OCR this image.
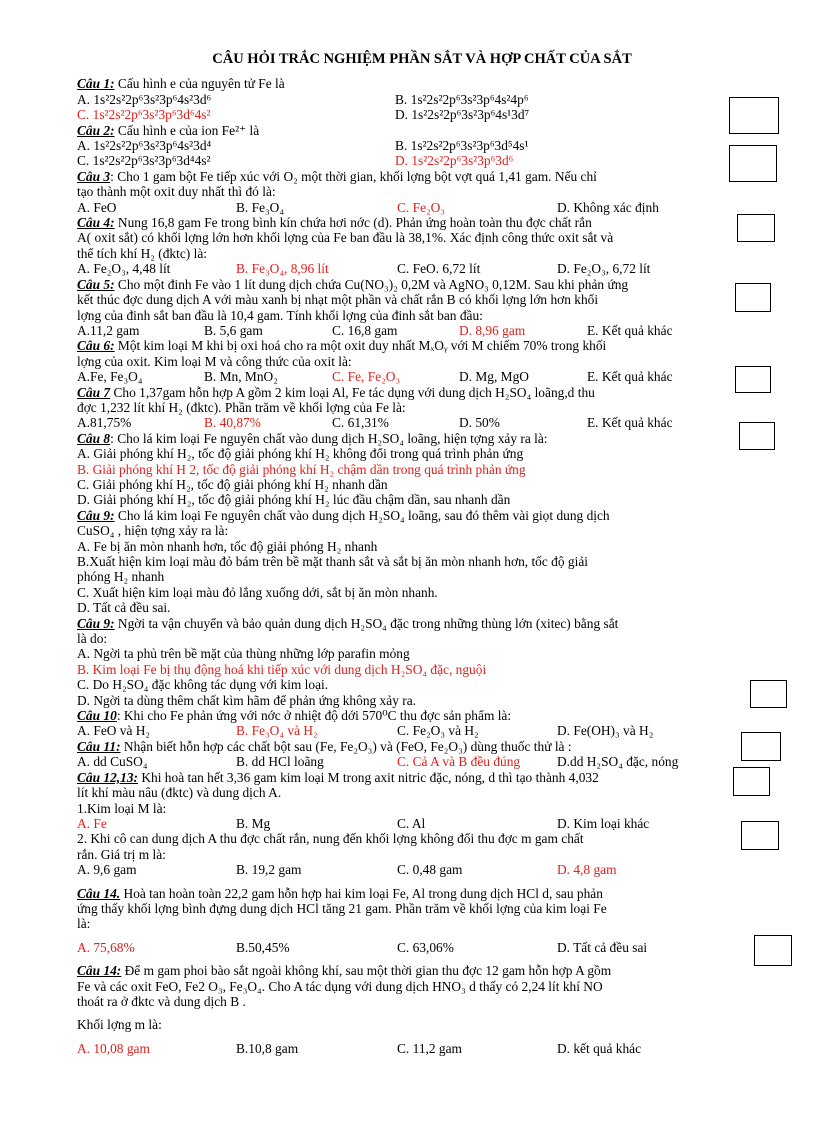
CÂU HỎI TRẮC NGHIỆM PHẦN SẮT VÀ HỢP CHẤT CỦA SẮT
Câu 1: Cấu hình e của nguyên tử Fe là
A. 1s²2s²2p⁶3s²3p⁶4s²3d⁶	B. 1s²2s²2p⁶3s²3p⁶4s²4p⁶
C. 1s²2s²2p⁶3s²3p⁶3d⁶4s²	D. 1s²2s²2p⁶3s²3p⁶4s¹3d⁷
Câu 2: Cấu hình e của ion Fe²⁺ là
A. 1s²2s²2p⁶3s²3p⁶4s²3d⁴	B. 1s²2s²2p⁶3s²3p⁶3d⁵4s¹
C. 1s²2s²2p⁶3s²3p⁶3d⁴4s²	D. 1s²2s²2p⁶3s²3p⁶3d⁶
Câu 3: Cho 1 gam bột Fe tiếp xúc với O₂ một thời gian, khối lợng bột vợt quá 1,41 gam. Nếu chỉ
tạo thành một oxit duy nhất thì đó là:
A. FeO	B. Fe₃O₄	C. Fe₂O₃	D. Không xác định
Câu 4: Nung 16,8 gam Fe trong bình kín chứa hơi nớc (d). Phản ứng hoàn toàn thu đợc chất rắn
A( oxit sắt) có khối lợng lớn hơn khối lợng của Fe ban đầu là 38,1%. Xác định công thức oxit sắt và
thể tích khí H₂ (đktc) là:
A. Fe₂O₃, 4,48 lít	B. Fe₃O₄, 8,96 lít	C. FeO. 6,72 lít	D. Fe₂O₃, 6,72 lít
Câu 5: Cho một đinh Fe vào 1 lít dung dịch chứa Cu(NO₃)₂ 0,2M và AgNO₃ 0,12M. Sau khi phản ứng
kết thúc đợc dung dịch A với màu xanh bị nhạt một phần và chất rắn B có khối lợng lớn hơn khối
lợng của đinh sắt ban đầu là 10,4 gam. Tính khối lợng của đinh sắt ban đầu:
A.11,2 gam	B. 5,6 gam	C. 16,8 gam	D. 8,96 gam	E. Kết quả khác
Câu 6: Một kim loại M khi bị oxi hoá cho ra một oxit duy nhất MₓOᵧ với M chiếm 70% trong khối
lợng của oxit. Kim loại M và công thức của oxit là:
A.Fe, Fe₃O₄	B. Mn, MnO₂	C. Fe, Fe₂O₃	D. Mg, MgO	E. Kết quả khác
Câu 7 Cho 1,37gam hỗn hợp A gồm 2 kim loại Al, Fe tác dụng với dung dịch H₂SO₄ loãng,d thu
đợc 1,232 lít khí H₂ (đktc). Phần trăm về khối lợng của Fe là:
A.81,75%	B. 40,87%	C. 61,31%	D. 50%	E. Kết quả khác
Câu 8: Cho lá kim loại Fe nguyên chất vào dung dịch H₂SO₄ loãng, hiện tợng xảy ra là:
A. Giải phóng khí H₂, tốc độ giải phóng khí H₂ không đổi trong quá trình phản ứng
B. Giải phóng khí H 2, tốc độ giải phóng khí H₂ chậm dần trong quá trình phản ứng
C. Giải phóng khí H₂, tốc độ giải phóng khí H₂ nhanh dần
D. Giải phóng khí H₂, tốc độ giải phóng khí H₂ lúc đầu chậm dần, sau nhanh dần
Câu 9: Cho lá kim loại Fe nguyên chất vào dung dịch H₂SO₄ loãng, sau đó thêm vài giọt dung dịch
CuSO₄ , hiện tợng xảy ra là:
A. Fe bị ăn mòn nhanh hơn, tốc độ giải phóng H₂ nhanh
B.Xuất hiện kim loại màu đỏ bám trên bề mặt thanh sắt và sắt bị ăn mòn nhanh hơn, tốc độ giải
phóng H₂ nhanh
C. Xuất hiện kim loại màu đỏ lắng xuống dới, sắt bị ăn mòn nhanh.
D. Tất cả đều sai.
Câu 9: Ngời ta vận chuyển và bảo quản dung dịch H₂SO₄ đặc trong những thùng lớn (xitec) bằng sắt
là do:
A. Ngời ta phủ trên bề mặt của thùng những lớp parafin mỏng
B. Kim loại Fe bị thụ động hoá khi tiếp xúc với dung dịch H₂SO₄ đặc, nguội
C. Do H₂SO₄ đặc không tác dụng với kim loại.
D. Ngời ta dùng thêm chất kìm hãm để phản ứng không xảy ra.
Câu 10: Khi cho Fe phản ứng với nớc ở nhiệt độ dới 570⁰C thu đợc sản phẩm là:
A. FeO và H₂	B. Fe₃O₄ và H₂	C. Fe₂O₃ và H₂	D. Fe(OH)₃ và H₂
Câu 11: Nhận biết hỗn hợp các chất bột sau (Fe, Fe₂O₃) và (FeO, Fe₂O₃) dùng thuốc thử là :
A. dd CuSO₄	B. dd HCl loãng	C. Cả A và B đều đúng	D.dd H₂SO₄ đặc, nóng
Câu 12,13: Khi hoà tan hết 3,36 gam kim loại M trong axit nitric đặc, nóng, d thì tạo thành 4,032
lít khí màu nâu (đktc) và dung dịch A.
1.Kim loại M là:
A. Fe	B. Mg	C. Al	D. Kim loại khác
2. Khi cô can dung dịch A thu đợc chất rắn, nung đến khối lợng không đổi thu đợc m gam chất
rắn. Giá trị m là:
A. 9,6 gam	B. 19,2 gam	C. 0,48 gam	D. 4,8 gam
Câu 14. Hoà tan hoàn toàn 22,2 gam hỗn hợp hai kim loại Fe, Al trong dung dịch HCl d, sau phản
ứng thấy khối lợng bình đựng dung dịch HCl tăng 21 gam. Phần trăm về khối lợng của kim loại Fe
là:
A. 75,68%	B.50,45%	C. 63,06%	D. Tất cả đều sai
Câu 14: Để m gam phoi bào sắt ngoài không khí, sau một thời gian thu đợc 12 gam hỗn hợp A gồm
Fe và các oxit FeO, Fe2 O₃, Fe₃O₄. Cho A tác dụng với dung dịch HNO₃ d thấy có 2,24 lít khí NO
thoát ra ở đktc và dung dịch B .
Khối lợng m là:
A. 10,08 gam	B.10,8 gam	C. 11,2 gam	D. kết quả khác
